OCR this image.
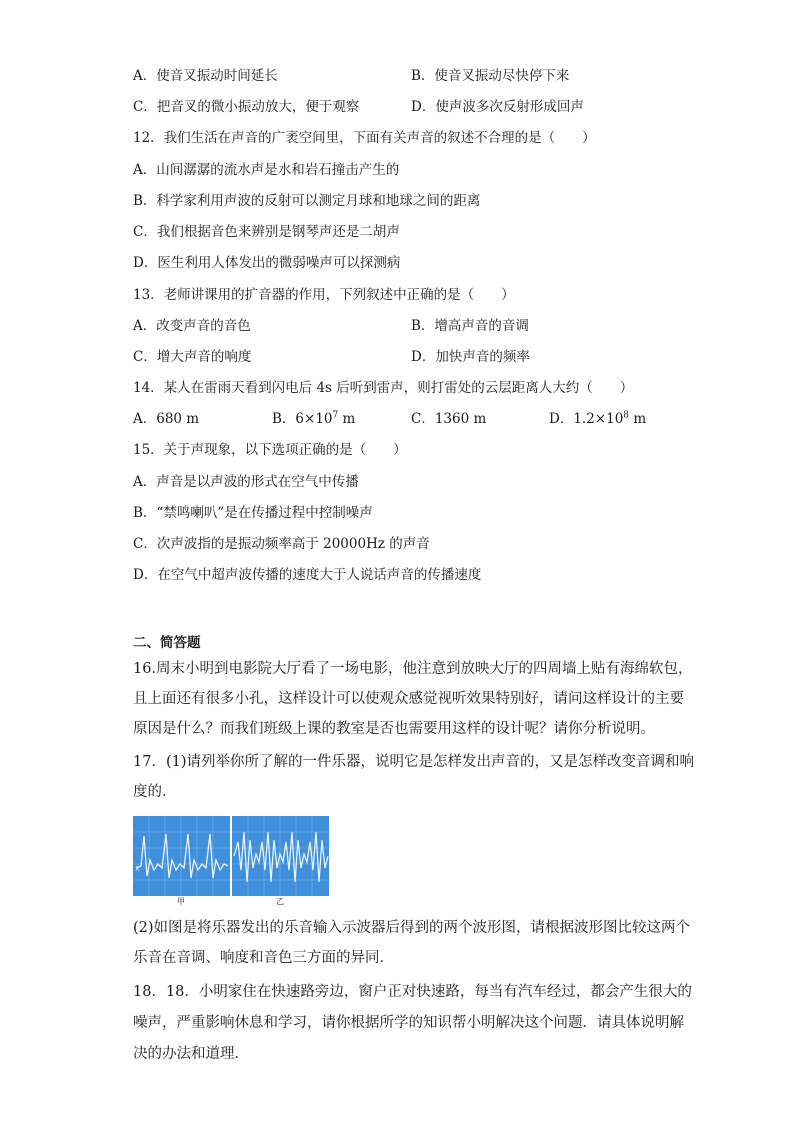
A．使音叉振动时间延长	B．使音叉振动尽快停下来
C．把音叉的微小振动放大，便于观察	D．使声波多次反射形成回声
12．我们生活在声音的广袤空间里，下面有关声音的叙述不合理的是（　　）
A．山间潺潺的流水声是水和岩石撞击产生的
B．科学家利用声波的反射可以测定月球和地球之间的距离
C．我们根据音色来辨别是钢琴声还是二胡声
D．医生利用人体发出的微弱噪声可以探测病
13．老师讲课用的扩音器的作用，下列叙述中正确的是（　　）
A．改变声音的音色	B．增高声音的音调
C．增大声音的响度	D．加快声音的频率
14．某人在雷雨天看到闪电后 4s 后听到雷声，则打雷处的云层距离人大约（　　）
A．680 m	B．$6\times 10^7$ m	C．1360 m	D．$1.2\times 10^8$ m
15．关于声现象，以下选项正确的是（　　）
A．声音是以声波的形式在空气中传播
B．“禁鸣喇叭”是在传播过程中控制噪声
C．次声波指的是振动频率高于 20000Hz 的声音
D．在空气中超声波传播的速度大于人说话声音的传播速度
二、简答题
16.周末小明到电影院大厅看了一场电影，他注意到放映大厅的四周墙上贴有海绵软包，
且上面还有很多小孔，这样设计可以使观众感觉视听效果特别好，请问这样设计的主要
原因是什么？而我们班级上课的教室是否也需要用这样的设计呢？请你分析说明。
17．(1)请列举你所了解的一件乐器，说明它是怎样发出声音的，又是怎样改变音调和响
度的．
X
甲	乙
(2)如图是将乐器发出的乐音输入示波器后得到的两个波形图，请根据波形图比较这两个
乐音在音调、响度和音色三方面的异同．
18．18．小明家住在快速路旁边，窗户正对快速路，每当有汽车经过，都会产生很大的
噪声，严重影响休息和学习，请你根据所学的知识帮小明解决这个问题．请具体说明解
决的办法和道理．
